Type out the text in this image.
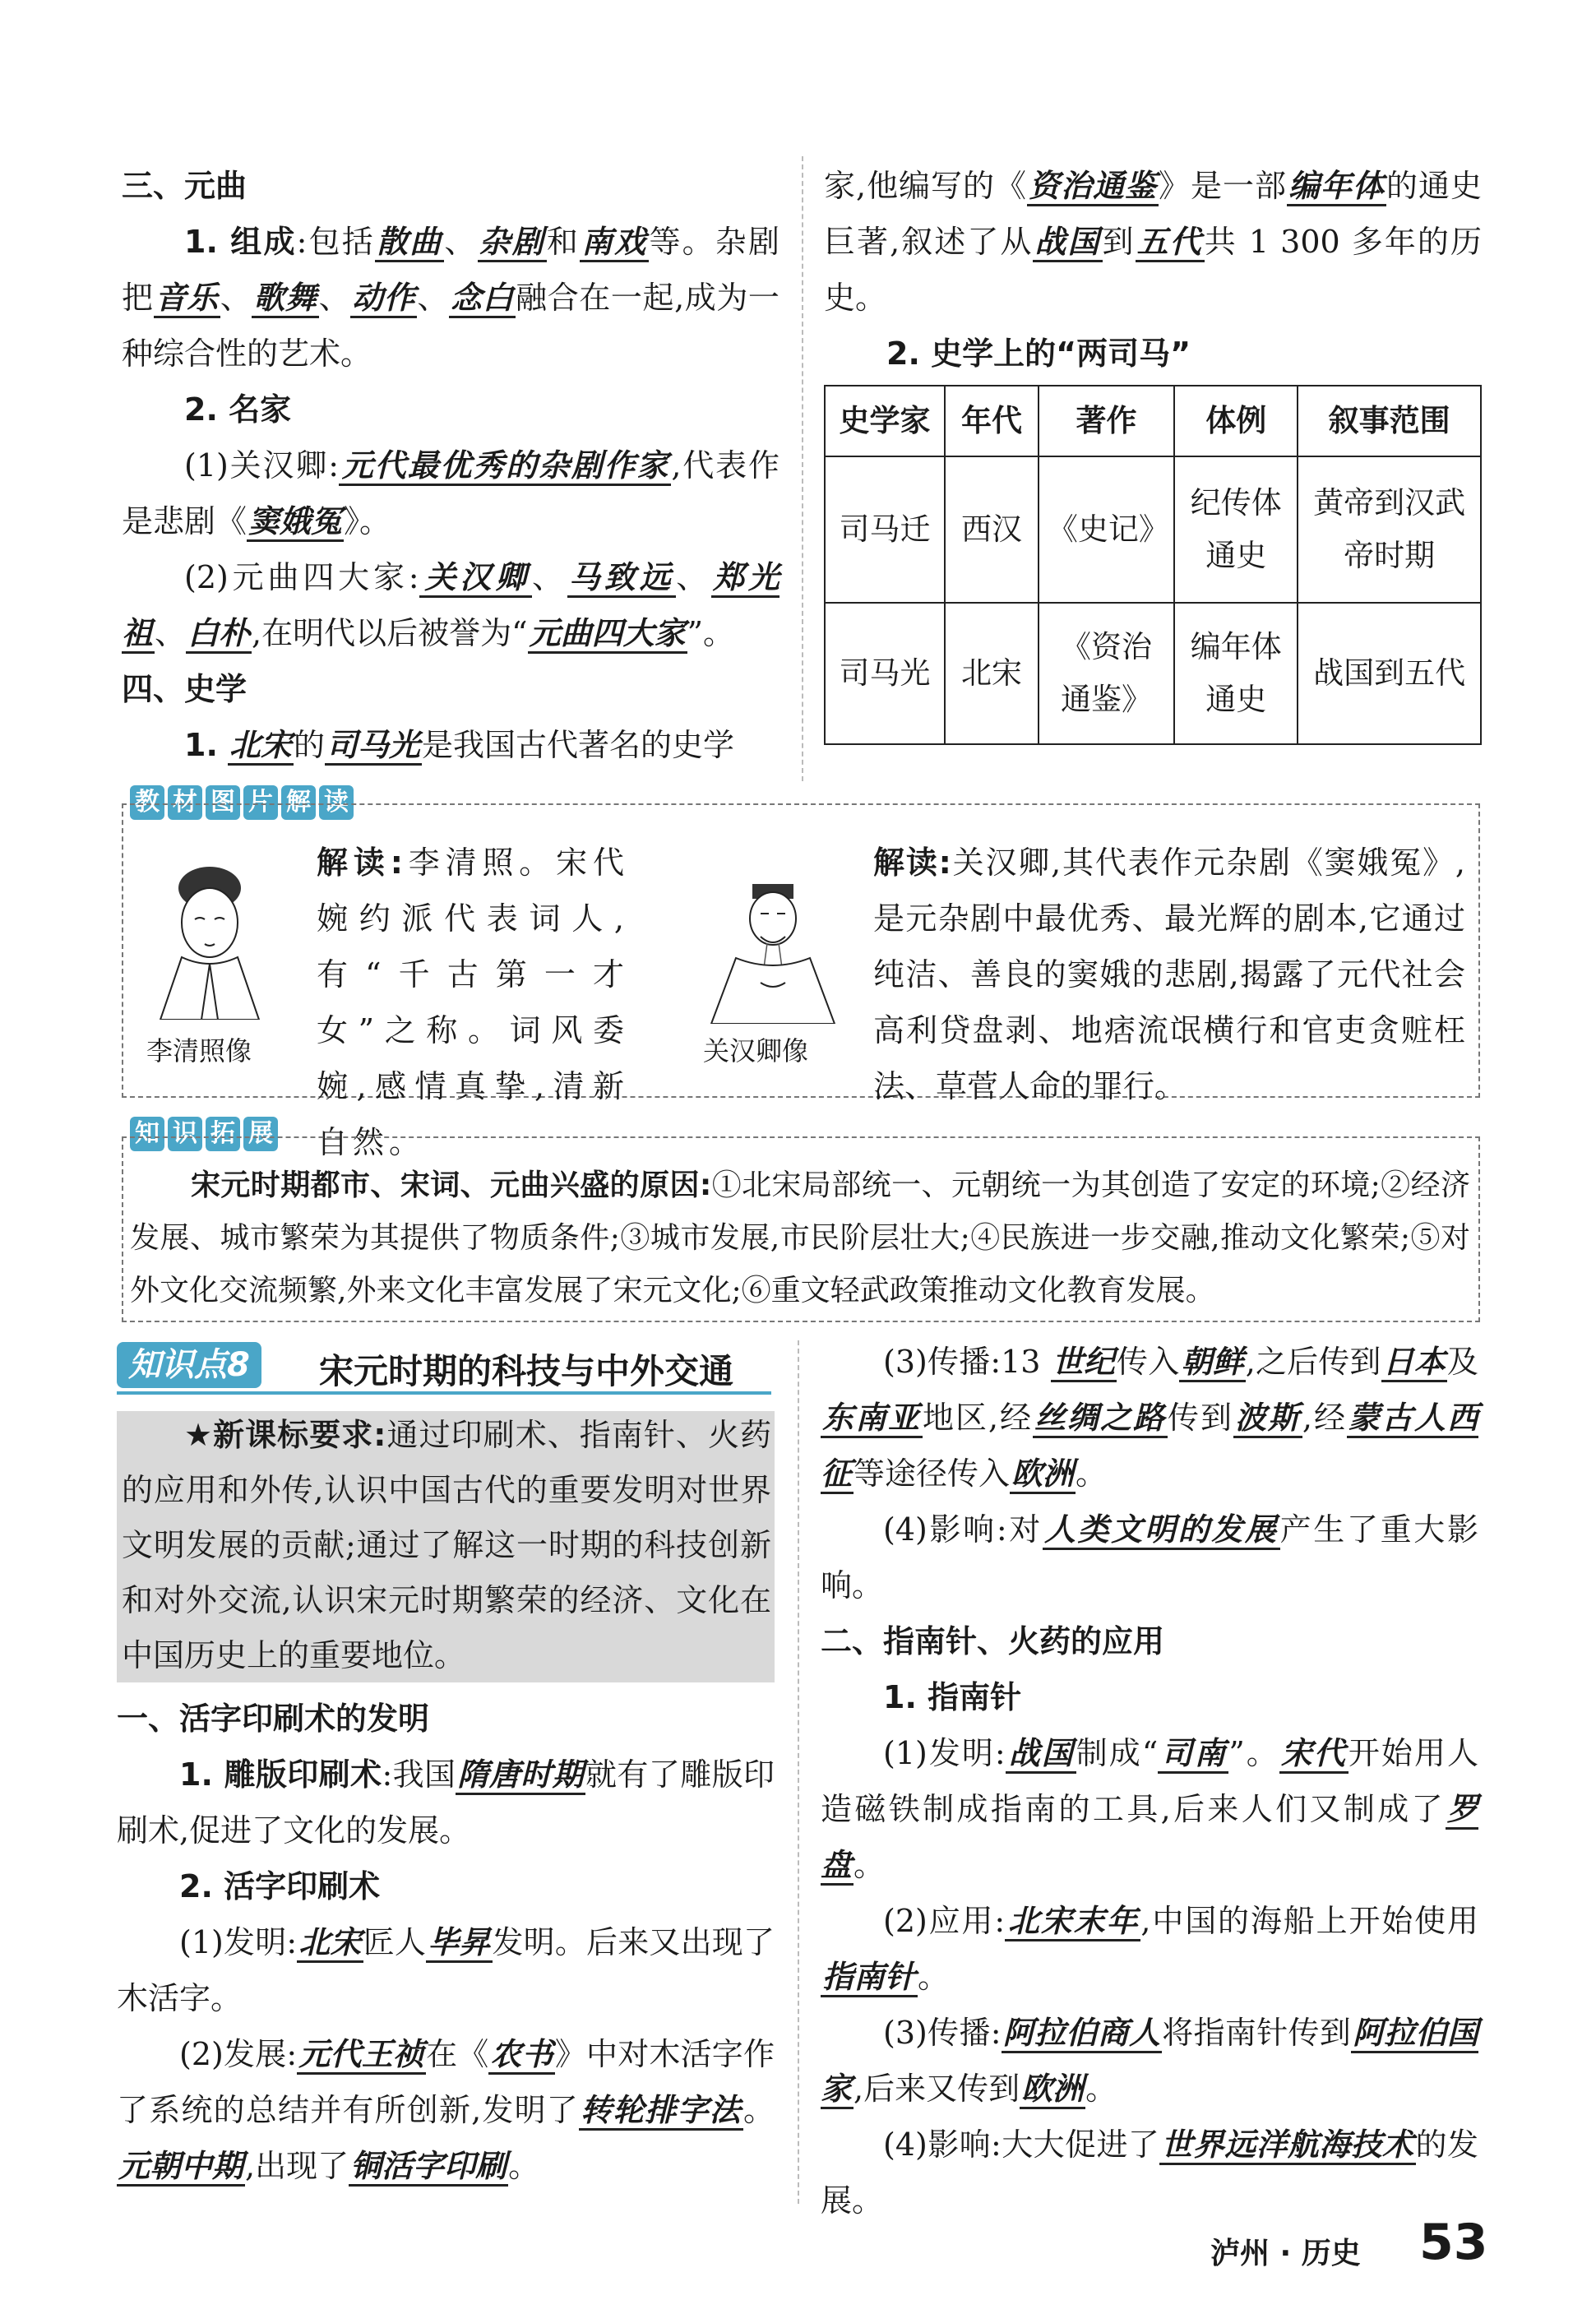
三、元曲

1. 组成:包括散曲、杂剧和南戏等。杂剧把音乐、歌舞、动作、念白融合在一起,成为一种综合性的艺术。

2. 名家

(1)关汉卿:元代最优秀的杂剧作家,代表作是悲剧《窦娥冤》。

(2)元曲四大家:关汉卿、马致远、郑光祖、白朴,在明代以后被誉为“元曲四大家”。

四、史学

1. 北宋的司马光是我国古代著名的史学

家,他编写的《资治通鉴》是一部编年体的通史巨著,叙述了从战国到五代共 1 300 多年的历史。

2. 史学上的“两司马”

史学家	年代	著作	体例	叙事范围
司马迁	西汉	《史记》	纪传体通史	黄帝到汉武帝时期
司马光	北宋	《资治通鉴》	编年体通史	战国到五代
教 材 图 片 解 读
李清照像

解读:李清照。宋代婉约派代表词人,有“千古第一才女”之称。词风委婉,感情真挚,清新自然。

关汉卿像

解读:关汉卿,其代表作元杂剧《窦娥冤》,是元杂剧中最优秀、最光辉的剧本,它通过纯洁、善良的窦娥的悲剧,揭露了元代社会高利贷盘剥、地痞流氓横行和官吏贪赃枉法、草菅人命的罪行。

知 识 拓 展

宋元时期都市、宋词、元曲兴盛的原因:①北宋局部统一、元朝统一为其创造了安定的环境;②经济发展、城市繁荣为其提供了物质条件;③城市发展,市民阶层壮大;④民族进一步交融,推动文化繁荣;⑤对外文化交流频繁,外来文化丰富发展了宋元文化;⑥重文轻武政策推动文化教育发展。

知识点8	宋元时期的科技与中外交通

★新课标要求:通过印刷术、指南针、火药的应用和外传,认识中国古代的重要发明对世界文明发展的贡献;通过了解这一时期的科技创新和对外交流,认识宋元时期繁荣的经济、文化在中国历史上的重要地位。

一、活字印刷术的发明

1. 雕版印刷术:我国隋唐时期就有了雕版印刷术,促进了文化的发展。

2. 活字印刷术

(1)发明:北宋匠人毕昇发明。后来又出现了木活字。

(2)发展:元代王祯在《农书》中对木活字作了系统的总结并有所创新,发明了转轮排字法。元朝中期,出现了铜活字印刷。

(3)传播:13 世纪传入朝鲜,之后传到日本及东南亚地区,经丝绸之路传到波斯,经蒙古人西征等途径传入欧洲。

(4)影响:对人类文明的发展产生了重大影响。

二、指南针、火药的应用

1. 指南针

(1)发明:战国制成“司南”。宋代开始用人造磁铁制成指南的工具,后来人们又制成了罗盘。

(2)应用:北宋末年,中国的海船上开始使用指南针。

(3)传播:阿拉伯商人将指南针传到阿拉伯国家,后来又传到欧洲。

(4)影响:大大促进了世界远洋航海技术的发展。

泸州 · 历史 53
